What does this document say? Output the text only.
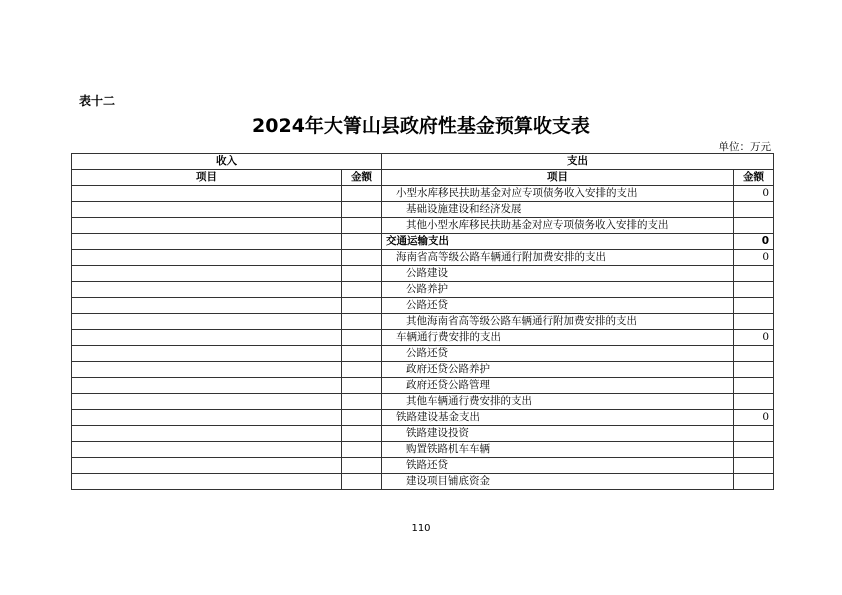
表十二
2024年大箐山县政府性基金预算收支表
单位：万元
收入		支出	
项目	金额	项目	金额
		小型水库移民扶助基金对应专项债务收入安排的支出	0
		基础设施建设和经济发展	
		其他小型水库移民扶助基金对应专项债务收入安排的支出	
		交通运输支出	0
		海南省高等级公路车辆通行附加费安排的支出	0
		公路建设	
		公路养护	
		公路还贷	
		其他海南省高等级公路车辆通行附加费安排的支出	
		车辆通行费安排的支出	0
		公路还贷	
		政府还贷公路养护	
		政府还贷公路管理	
		其他车辆通行费安排的支出	
		铁路建设基金支出	0
		铁路建设投资	
		购置铁路机车车辆	
		铁路还贷	
		建设项目铺底资金	
110
